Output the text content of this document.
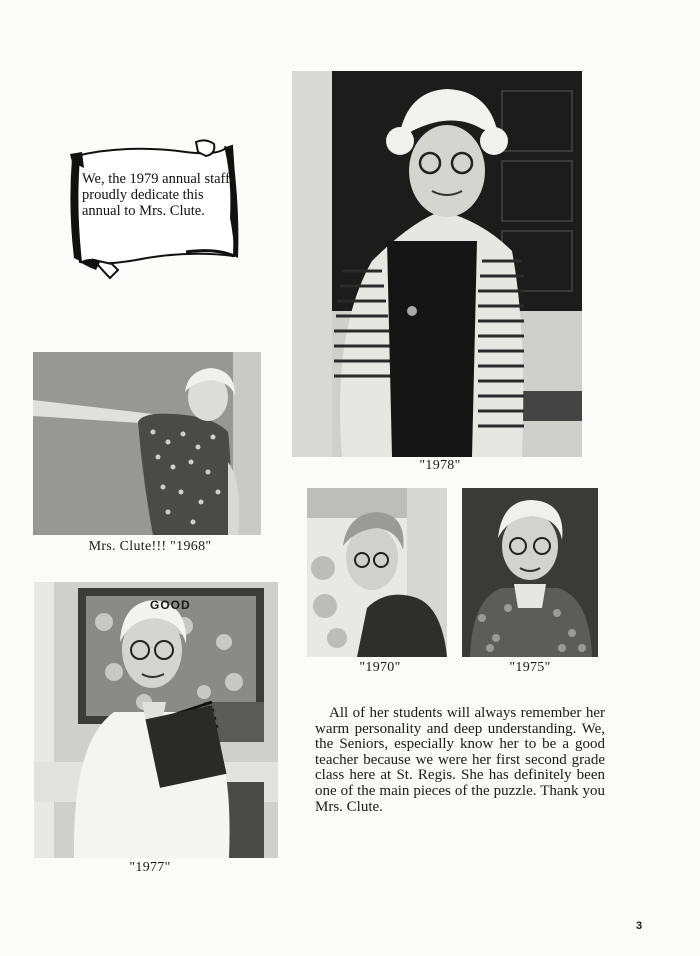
We, the 1979 annual staff proudly dedicate this annual to Mrs. Clute.
"1978"
Mrs. Clute!!! "1968"
"1970"	"1975"
GOOD
"1977"
All of her students will always remember her warm personality and deep understanding. We, the Seniors, especially know her to be a good teacher because we were her first second grade class here at St. Regis. She has definitely been one of the main pieces of the puzzle. Thank you Mrs. Clute.
3
